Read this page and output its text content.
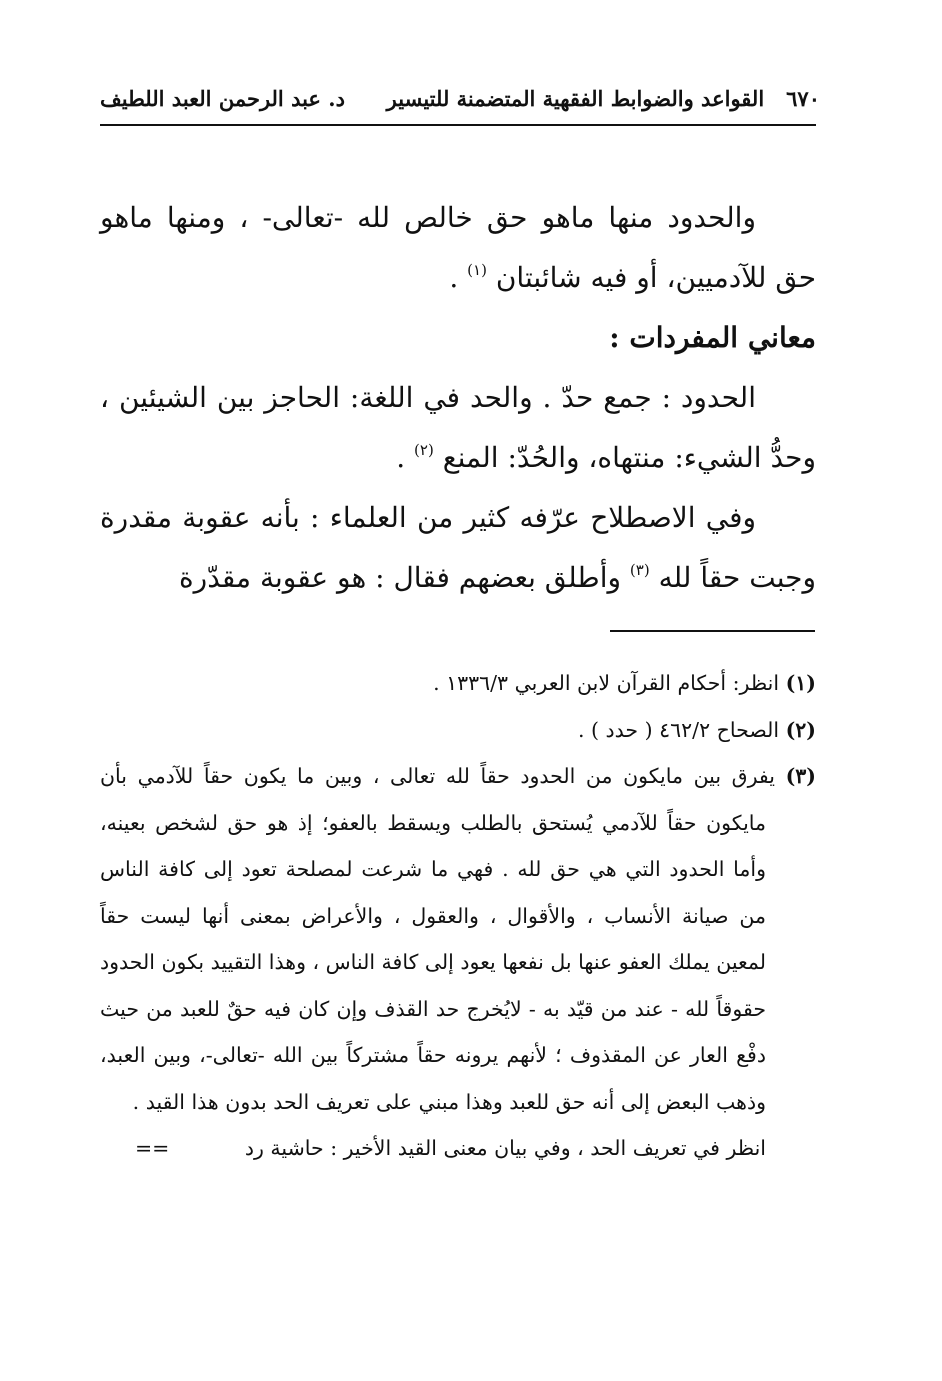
٦٧٠
القواعد والضوابط الفقهية المتضمنة للتيسير
د. عبد الرحمن العبد اللطيف

والحدود منها ماهو حق خالص لله -تعالى- ، ومنها ماهو حق للآدميين، أو فيه شائبتان $^{(١)}$ .

معاني المفردات :

الحدود : جمع حدّ . والحد في اللغة: الحاجز بين الشيئين ، وحدُّ الشيء: منتهاه، والحُدّ: المنع $^{(٢)}$ .

وفي الاصطلاح عرّفه كثير من العلماء : بأنه عقوبة مقدرة وجبت حقاً لله $^{(٣)}$ وأطلق بعضهم فقال : هو عقوبة مقدّرة

(١) انظر: أحكام القرآن لابن العربي ١٣٣٦/٣ .

(٢) الصحاح ٤٦٢/٢ ( حدد ) .

(٣) يفرق بين مايكون من الحدود حقاً لله تعالى ، وبين ما يكون حقاً للآدمي بأن مايكون حقاً للآدمي يُستحق بالطلب ويسقط بالعفو؛ إذ هو حق لشخص بعينه، وأما الحدود التي هي حق لله . فهي ما شرعت لمصلحة تعود إلى كافة الناس من صيانة الأنساب ، والأقوال ، والعقول ، والأعراض بمعنى أنها ليست حقاً لمعين يملك العفو عنها بل نفعها يعود إلى كافة الناس ، وهذا التقييد بكون الحدود حقوقاً لله - عند من قيّد به - لايُخرج حد القذف وإن كان فيه حقٌ للعبد من حيث دفْع العار عن المقذوف ؛ لأنهم يرونه حقاً مشتركاً بين الله -تعالى-، وبين العبد، وذهب البعض إلى أنه حق للعبد وهذا مبني على تعريف الحد بدون هذا القيد .

انظر في تعريف الحد ، وفي بيان معنى القيد الأخير : حاشية رد
==
